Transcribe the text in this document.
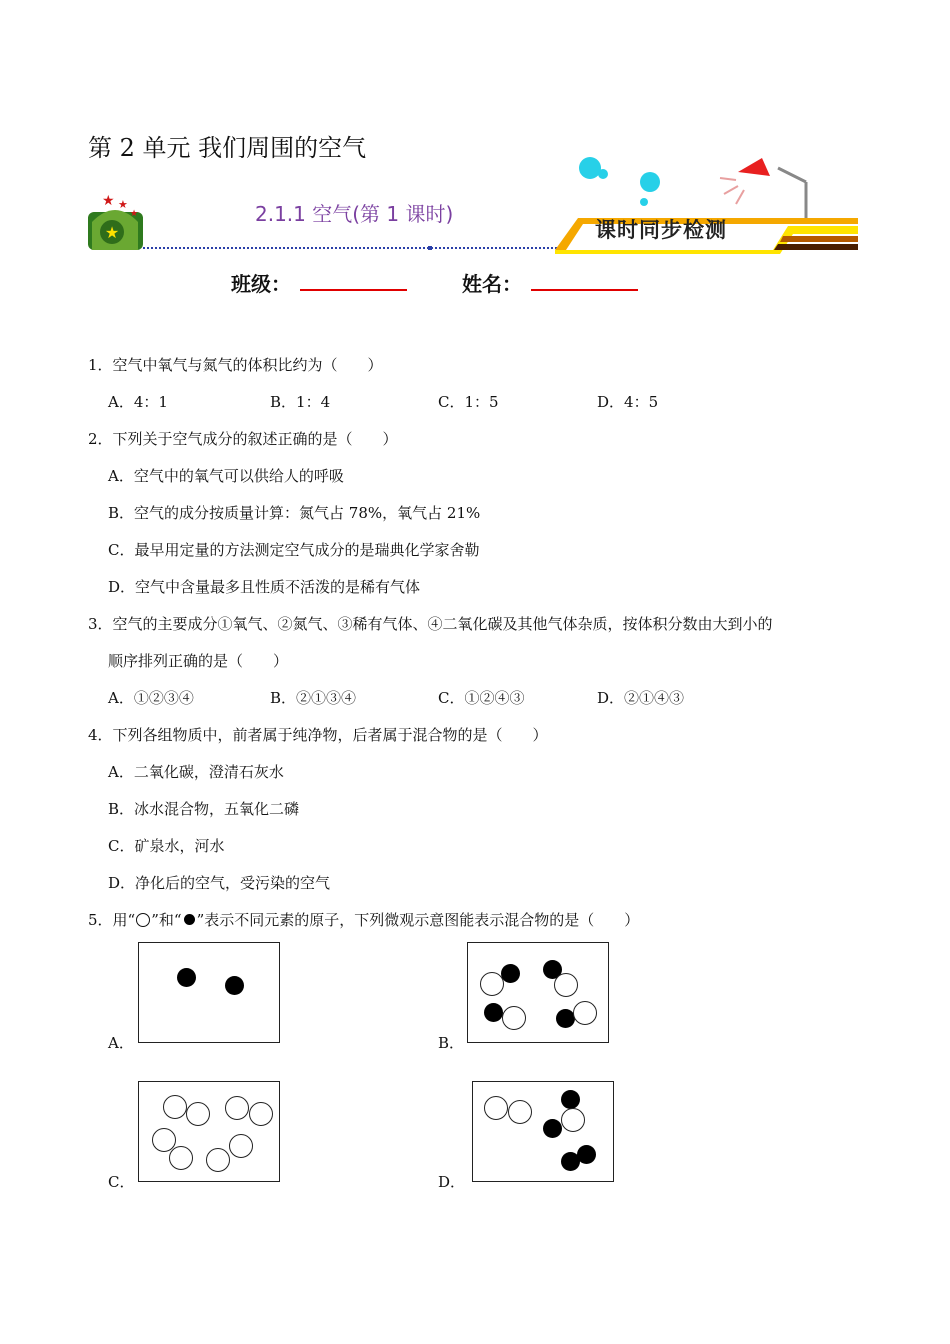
第 2 单元 我们周围的空气
★
★ ★
★	2.1.1 空气(第 1 课时)
课时同步检测
班级：	姓名：
1．空气中氧气与氮气的体积比约为（　　）
A．4：1	B．1：4	C．1：5	D．4：5
2．下列关于空气成分的叙述正确的是（　　）
A．空气中的氧气可以供给人的呼吸
B．空气的成分按质量计算：氮气占 78%，氧气占 21%
C．最早用定量的方法测定空气成分的是瑞典化学家舍勒
D．空气中含量最多且性质不活泼的是稀有气体
3．空气的主要成分①氧气、②氮气、③稀有气体、④二氧化碳及其他气体杂质，按体积分数由大到小的
顺序排列正确的是（　　）
A．①②③④	B．②①③④	C．①②④③	D．②①④③
4．下列各组物质中，前者属于纯净物，后者属于混合物的是（　　）
A．二氧化碳，澄清石灰水
B．冰水混合物，五氧化二磷
C．矿泉水，河水
D．净化后的空气，受污染的空气
5．用“ ”和“ ”表示不同元素的原子，下列微观示意图能表示混合物的是（　　）
A．	B．
C．	D．
